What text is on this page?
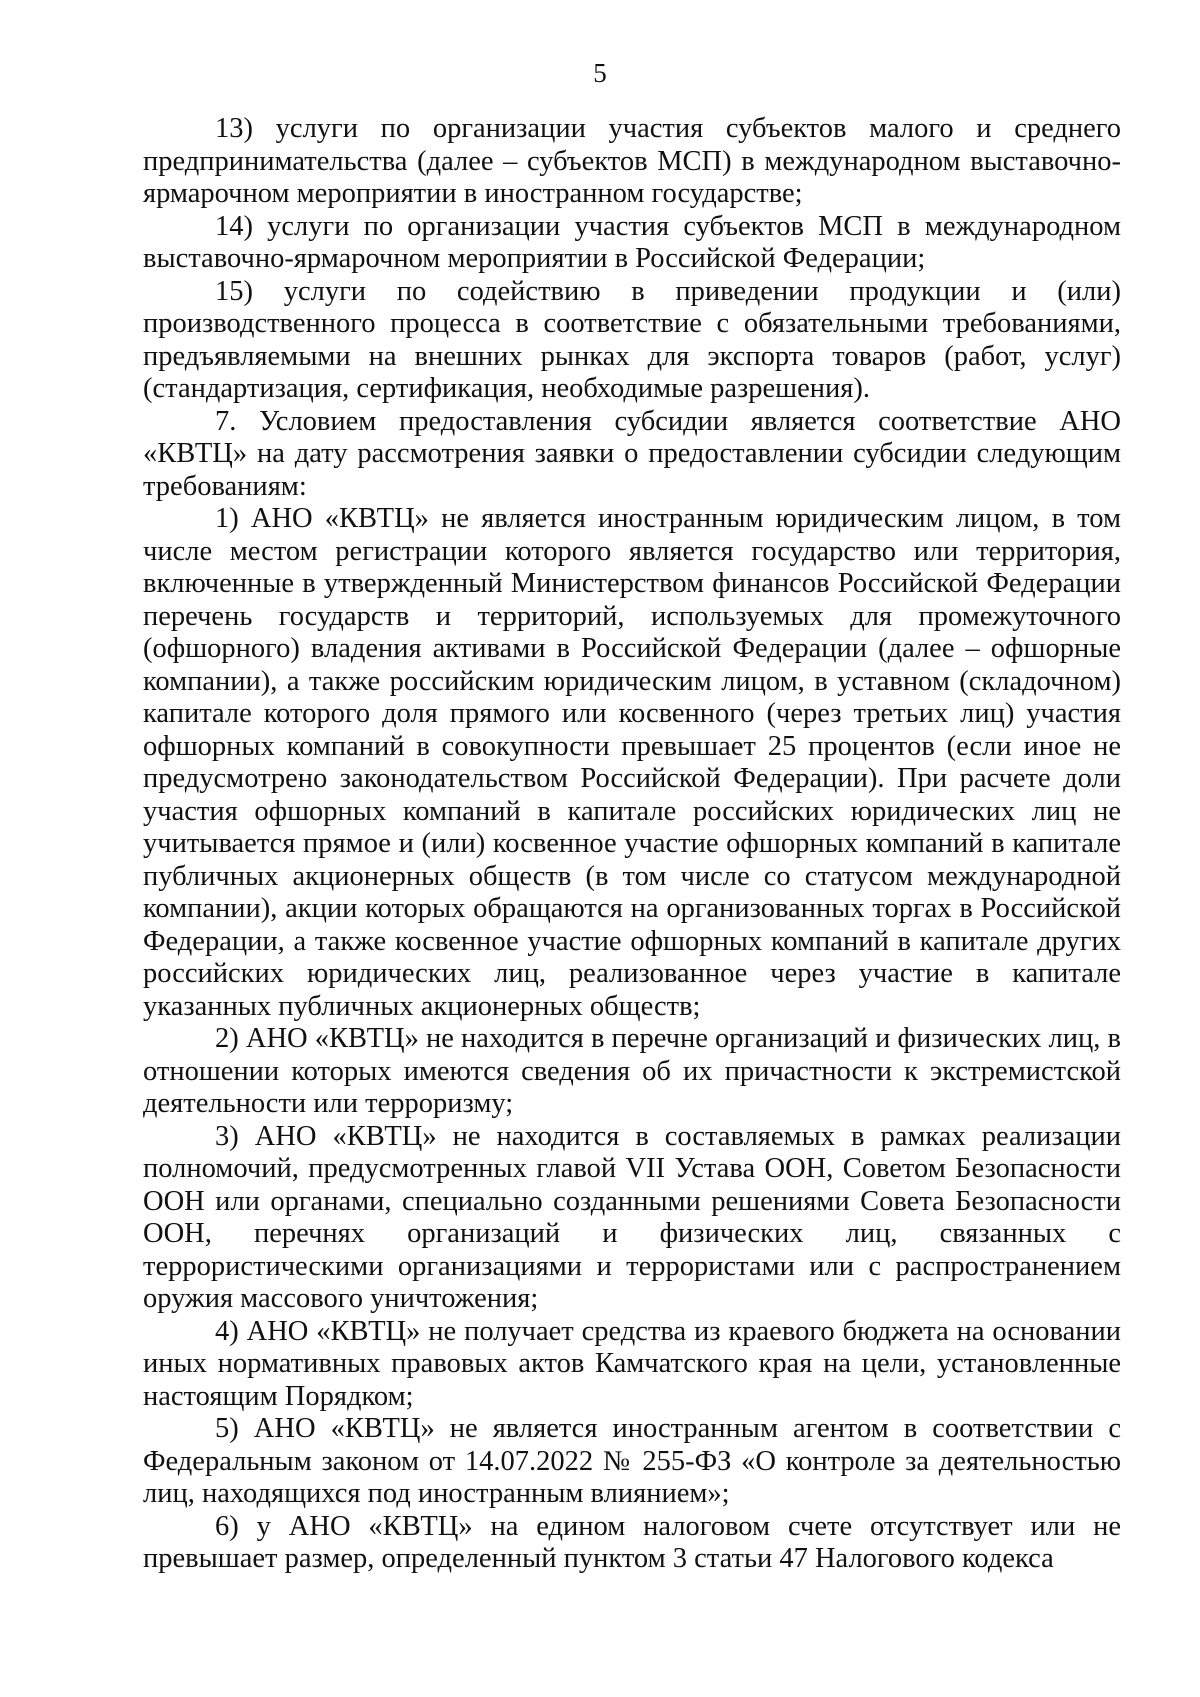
5

13) услуги по организации участия субъектов малого и среднего предпринимательства (далее – субъектов МСП) в международном выставочно-ярмарочном мероприятии в иностранном государстве;

14) услуги по организации участия субъектов МСП в международном выставочно-ярмарочном мероприятии в Российской Федерации;

15) услуги по содействию в приведении продукции и (или) производственного процесса в соответствие с обязательными требованиями, предъявляемыми на внешних рынках для экспорта товаров (работ, услуг) (стандартизация, сертификация, необходимые разрешения).

7. Условием предоставления субсидии является соответствие АНО «КВТЦ» на дату рассмотрения заявки о предоставлении субсидии следующим требованиям:

1) АНО «КВТЦ» не является иностранным юридическим лицом, в том числе местом регистрации которого является государство или территория, включенные в утвержденный Министерством финансов Российской Федерации перечень государств и территорий, используемых для промежуточного (офшорного) владения активами в Российской Федерации (далее – офшорные компании), а также российским юридическим лицом, в уставном (складочном) капитале которого доля прямого или косвенного (через третьих лиц) участия офшорных компаний в совокупности превышает 25 процентов (если иное не предусмотрено законодательством Российской Федерации). При расчете доли участия офшорных компаний в капитале российских юридических лиц не учитывается прямое и (или) косвенное участие офшорных компаний в капитале публичных акционерных обществ (в том числе со статусом международной компании), акции которых обращаются на организованных торгах в Российской Федерации, а также косвенное участие офшорных компаний в капитале других российских юридических лиц, реализованное через участие в капитале указанных публичных акционерных обществ;

2) АНО «КВТЦ» не находится в перечне организаций и физических лиц, в отношении которых имеются сведения об их причастности к экстремистской деятельности или терроризму;

3) АНО «КВТЦ» не находится в составляемых в рамках реализации полномочий, предусмотренных главой VII Устава ООН, Советом Безопасности ООН или органами, специально созданными решениями Совета Безопасности ООН, перечнях организаций и физических лиц, связанных с террористическими организациями и террористами или с распространением оружия массового уничтожения;

4) АНО «КВТЦ» не получает средства из краевого бюджета на основании иных нормативных правовых актов Камчатского края на цели, установленные настоящим Порядком;

5) АНО «КВТЦ» не является иностранным агентом в соответствии с Федеральным законом от 14.07.2022 № 255-ФЗ «О контроле за деятельностью лиц, находящихся под иностранным влиянием»;

6) у АНО «КВТЦ» на едином налоговом счете отсутствует или не превышает размер, определенный пунктом 3 статьи 47 Налогового кодекса
